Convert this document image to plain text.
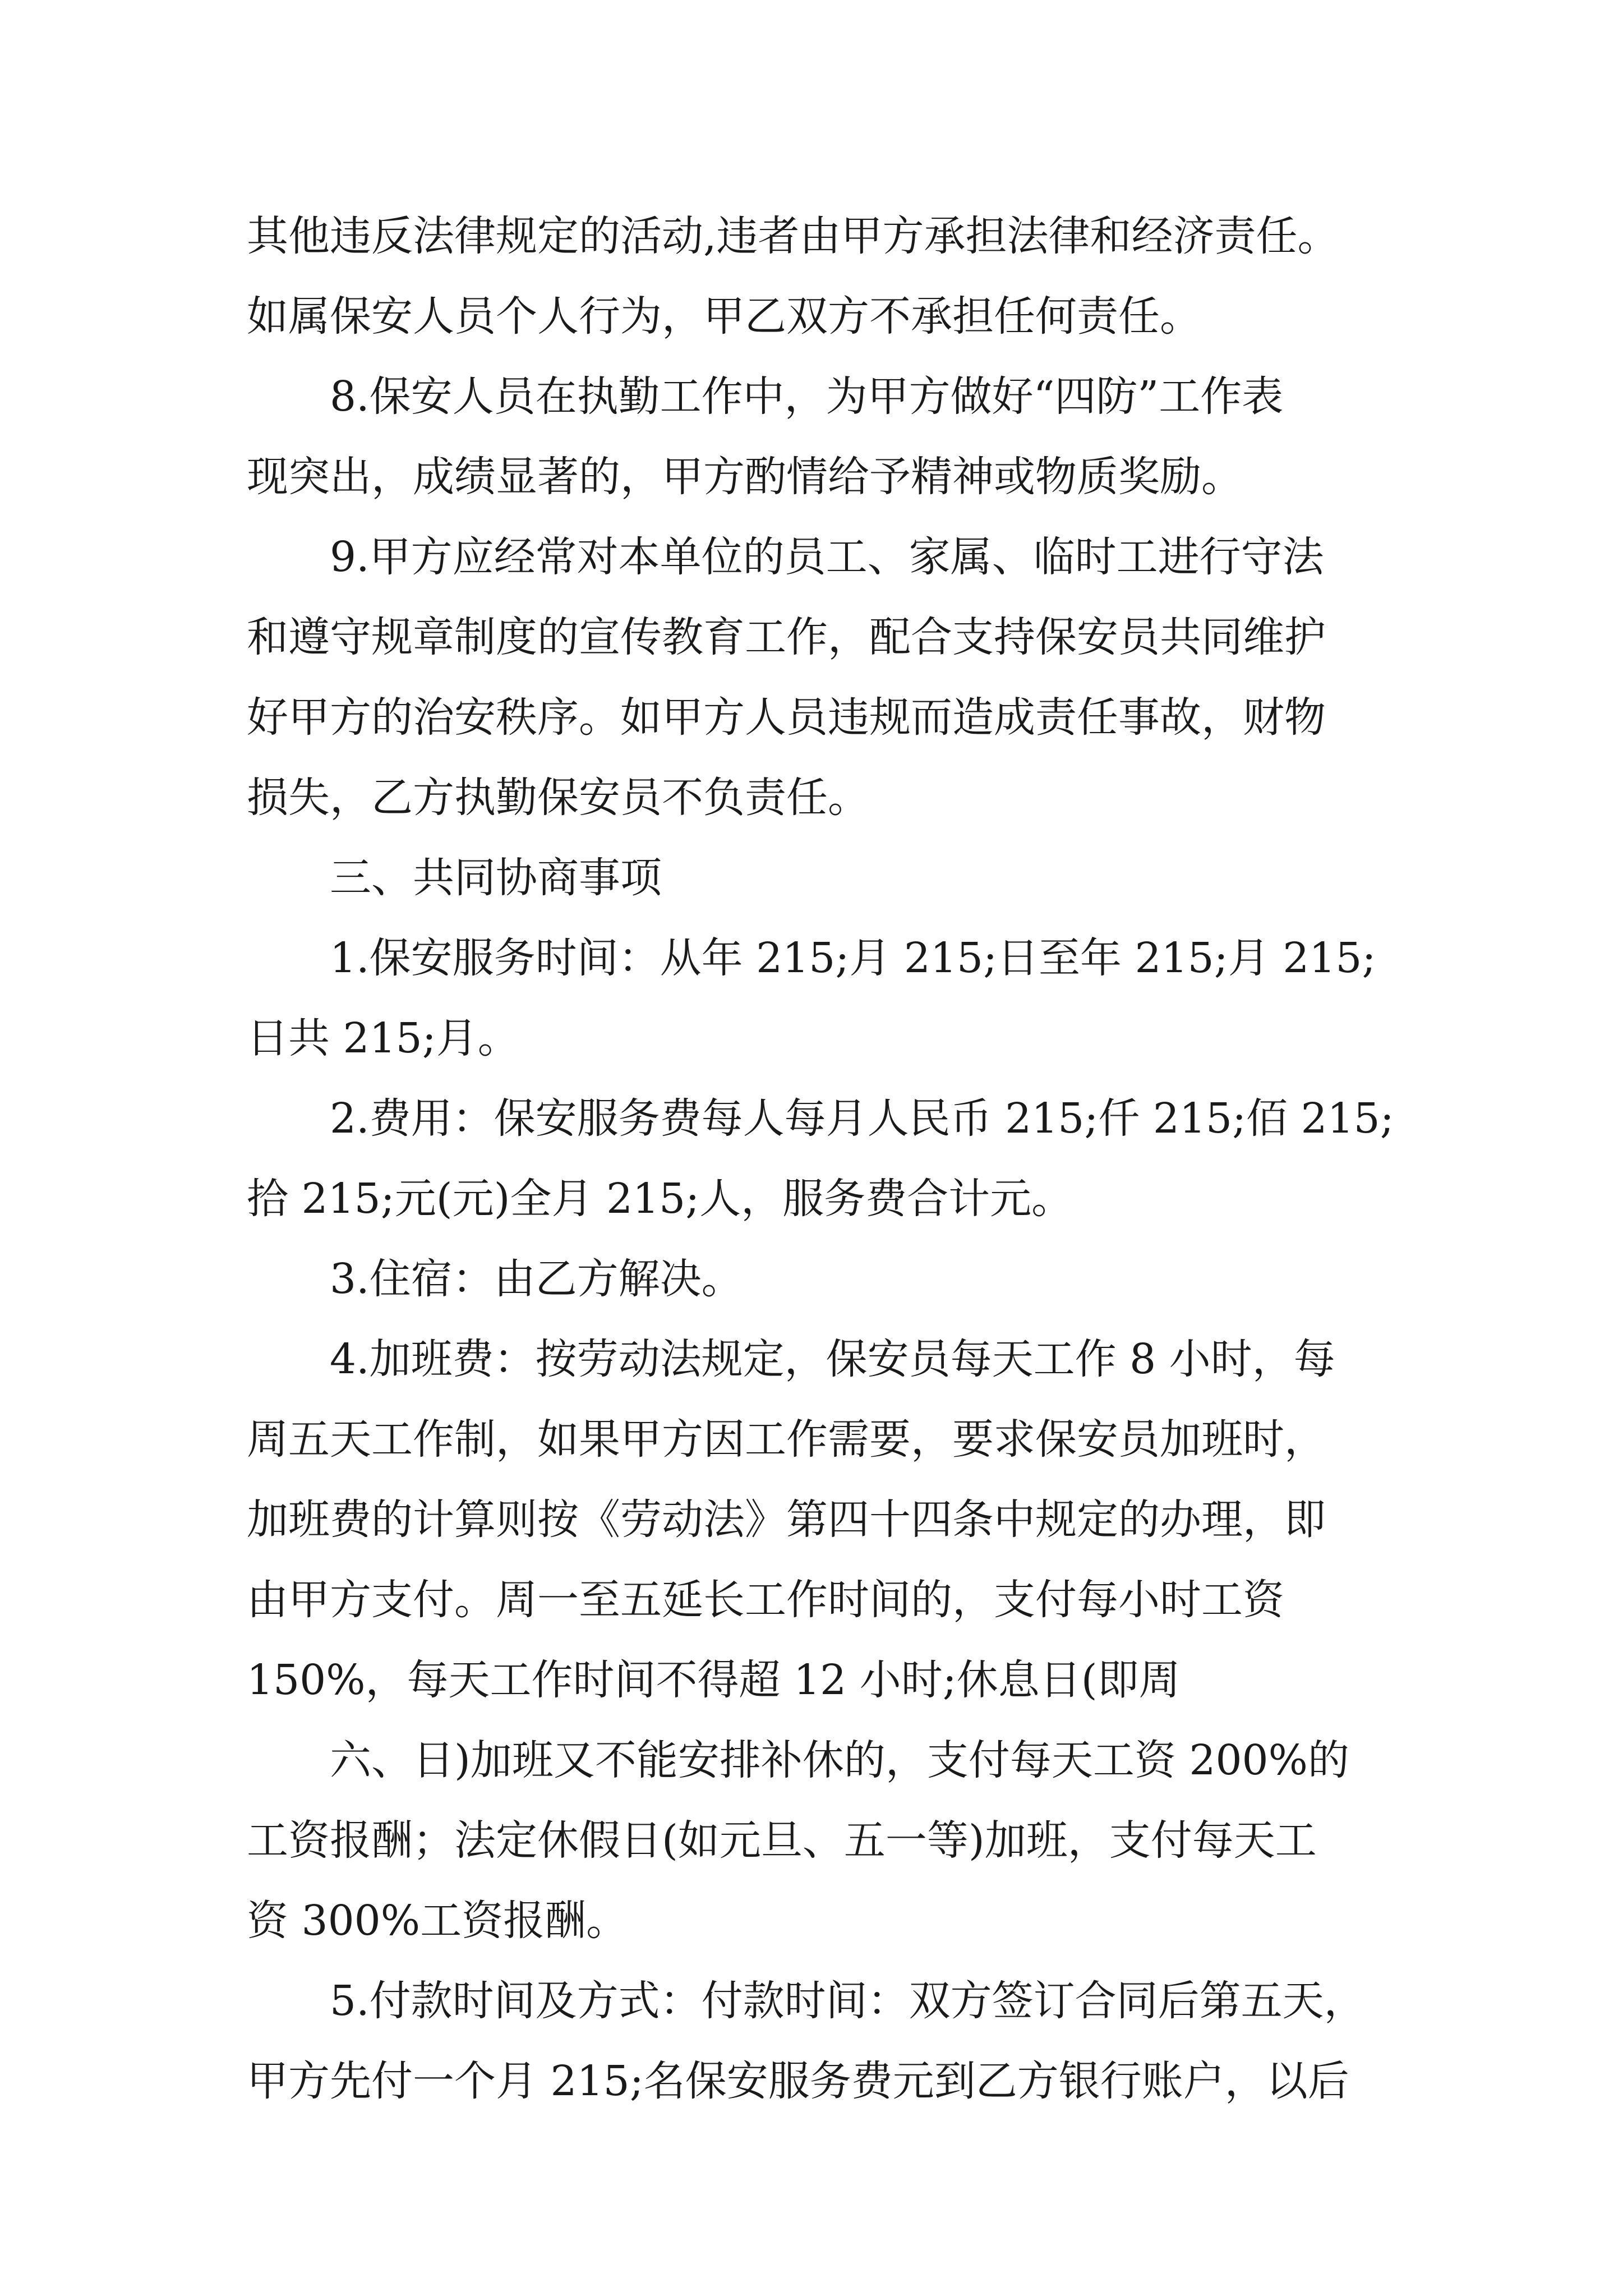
其他违反法律规定的活动,违者由甲方承担法律和经济责任。
如属保安人员个人行为，甲乙双方不承担任何责任。
8.保安人员在执勤工作中，为甲方做好“四防”工作表
现突出，成绩显著的，甲方酌情给予精神或物质奖励。
9.甲方应经常对本单位的员工、家属、临时工进行守法
和遵守规章制度的宣传教育工作，配合支持保安员共同维护
好甲方的治安秩序。如甲方人员违规而造成责任事故，财物
损失，乙方执勤保安员不负责任。
三、共同协商事项
1.保安服务时间：从年 215;月 215;日至年 215;月 215;
日共 215;月。
2.费用：保安服务费每人每月人民币 215;仟 215;佰 215;
拾 215;元(元)全月 215;人，服务费合计元。
3.住宿：由乙方解决。
4.加班费：按劳动法规定，保安员每天工作 8 小时，每
周五天工作制，如果甲方因工作需要，要求保安员加班时，
加班费的计算则按《劳动法》第四十四条中规定的办理，即
由甲方支付。周一至五延长工作时间的，支付每小时工资
150%，每天工作时间不得超 12 小时;休息日(即周
六、日)加班又不能安排补休的，支付每天工资 200%的
工资报酬；法定休假日(如元旦、五一等)加班，支付每天工
资 300%工资报酬。
5.付款时间及方式：付款时间：双方签订合同后第五天，
甲方先付一个月 215;名保安服务费元到乙方银行账户，以后
